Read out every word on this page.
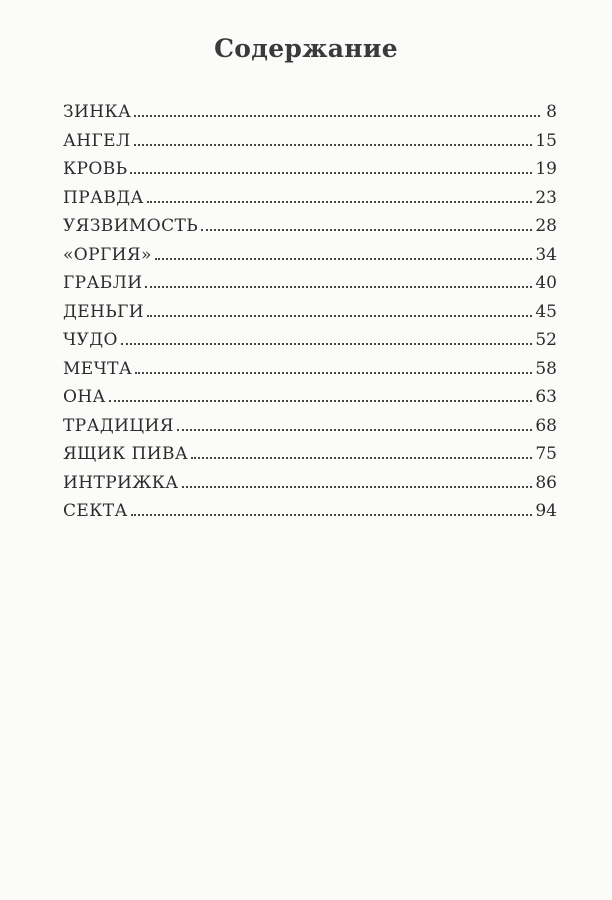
Содержание
ЗИНКА	8
АНГЕЛ	15
КРОВЬ	19
ПРАВДА	23
УЯЗВИМОСТЬ	28
«ОРГИЯ»	34
ГРАБЛИ	40
ДЕНЬГИ	45
ЧУДО	52
МЕЧТА	58
ОНА	63
ТРАДИЦИЯ	68
ЯЩИК ПИВА	75
ИНТРИЖКА	86
СЕКТА	94
